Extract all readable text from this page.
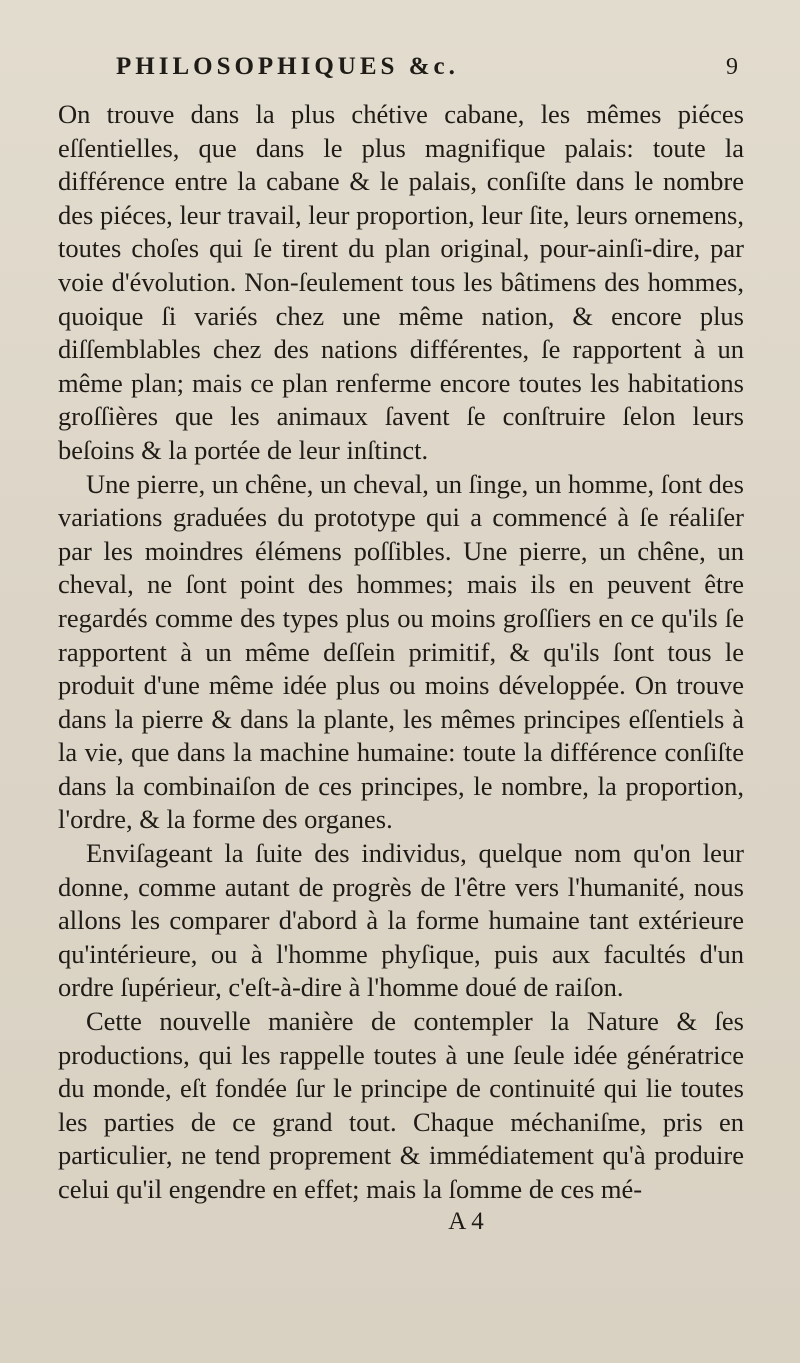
PHILOSOPHIQUES &c.	9

On trouve dans la plus chétive cabane, les mêmes piéces eſſentielles, que dans le plus magnifique palais: toute la différence entre la cabane & le palais, conſiſte dans le nombre des piéces, leur travail, leur proportion, leur ſite, leurs ornemens, toutes choſes qui ſe tirent du plan original, pour-ainſi-dire, par voie d'évolution. Non-ſeulement tous les bâtimens des hommes, quoique ſi variés chez une même nation, & encore plus diſſemblables chez des nations différentes, ſe rapportent à un même plan; mais ce plan renferme encore toutes les habitations groſſières que les animaux ſavent ſe conſtruire ſelon leurs beſoins & la portée de leur inſtinct.

Une pierre, un chêne, un cheval, un ſinge, un homme, ſont des variations graduées du prototype qui a commencé à ſe réaliſer par les moindres élémens poſſibles. Une pierre, un chêne, un cheval, ne ſont point des hommes; mais ils en peuvent être regardés comme des types plus ou moins groſſiers en ce qu'ils ſe rapportent à un même deſſein primitif, & qu'ils ſont tous le produit d'une même idée plus ou moins développée. On trouve dans la pierre & dans la plante, les mêmes principes eſſentiels à la vie, que dans la machine humaine: toute la différence conſiſte dans la combinaiſon de ces principes, le nombre, la proportion, l'ordre, & la forme des organes.

Enviſageant la ſuite des individus, quelque nom qu'on leur donne, comme autant de progrès de l'être vers l'humanité, nous allons les comparer d'abord à la forme humaine tant extérieure qu'intérieure, ou à l'homme phyſique, puis aux facultés d'un ordre ſupérieur, c'eſt-à-dire à l'homme doué de raiſon.

Cette nouvelle manière de contempler la Nature & ſes productions, qui les rappelle toutes à une ſeule idée génératrice du monde, eſt fondée ſur le principe de continuité qui lie toutes les parties de ce grand tout. Chaque méchaniſme, pris en particulier, ne tend proprement & immédiatement qu'à produire celui qu'il engendre en effet; mais la ſomme de ces mé-

A 4
